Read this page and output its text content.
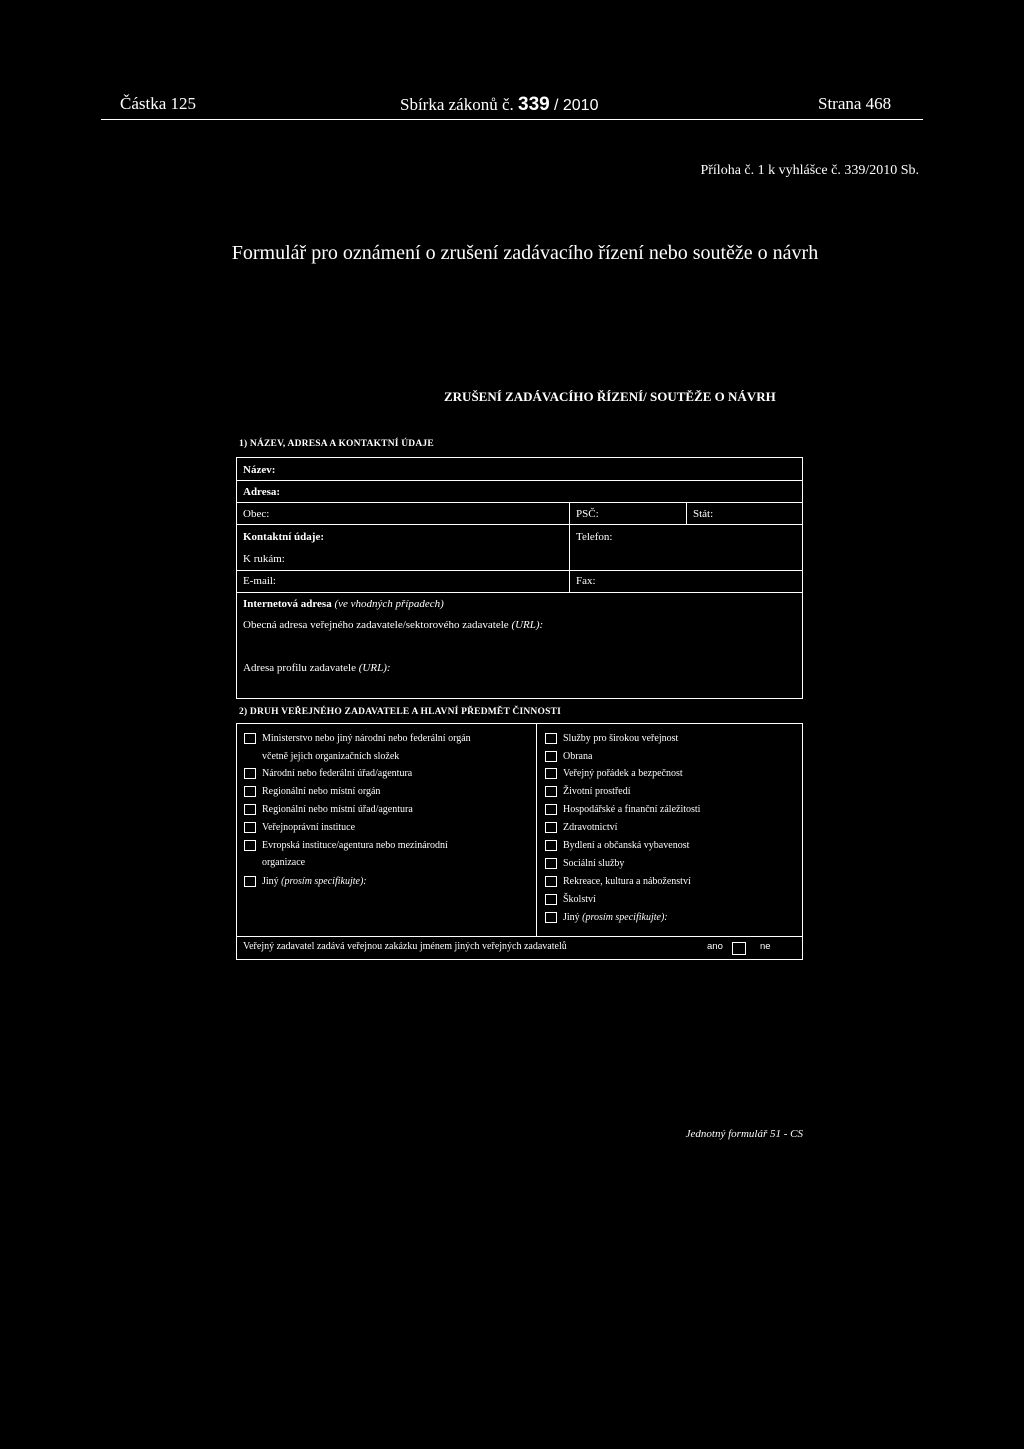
Částka 125	Sbírka zákonů č. 339 / 2010	Strana 468
Příloha č. 1 k vyhlášce č. 339/2010 Sb.
Formulář pro oznámení o zrušení zadávacího řízení nebo soutěže o návrh
ZRUŠENÍ ZADÁVACÍHO ŘÍZENÍ/ SOUTĚŽE O NÁVRH
1) NÁZEV, ADRESA A KONTAKTNÍ ÚDAJE
Název:
Adresa:
Obec:	PSČ:	Stát:
Kontaktní údaje:	Telefon:
K rukám:
E-mail:	Fax:
Internetová adresa (ve vhodných případech)
Obecná adresa veřejného zadavatele/sektorového zadavatele (URL):
Adresa profilu zadavatele (URL):
2) DRUH VEŘEJNÉHO ZADAVATELE A HLAVNÍ PŘEDMĚT ČINNOSTI
Ministerstvo nebo jiný národní nebo federální orgán
včetně jejich organizačních složek
Národní nebo federální úřad/agentura
Regionální nebo místní orgán
Regionální nebo místní úřad/agentura
Veřejnoprávní instituce
Evropská instituce/agentura nebo mezinárodní
organizace
Jiný (prosím specifikujte):
Služby pro širokou veřejnost
Obrana
Veřejný pořádek a bezpečnost
Životní prostředí
Hospodářské a finanční záležitosti
Zdravotnictví
Bydlení a občanská vybavenost
Sociální služby
Rekreace, kultura a náboženství
Školství
Jiný (prosím specifikujte):
Veřejný zadavatel zadává veřejnou zakázku jménem jiných veřejných zadavatelů	ano	ne
Jednotný formulář 51 - CS
